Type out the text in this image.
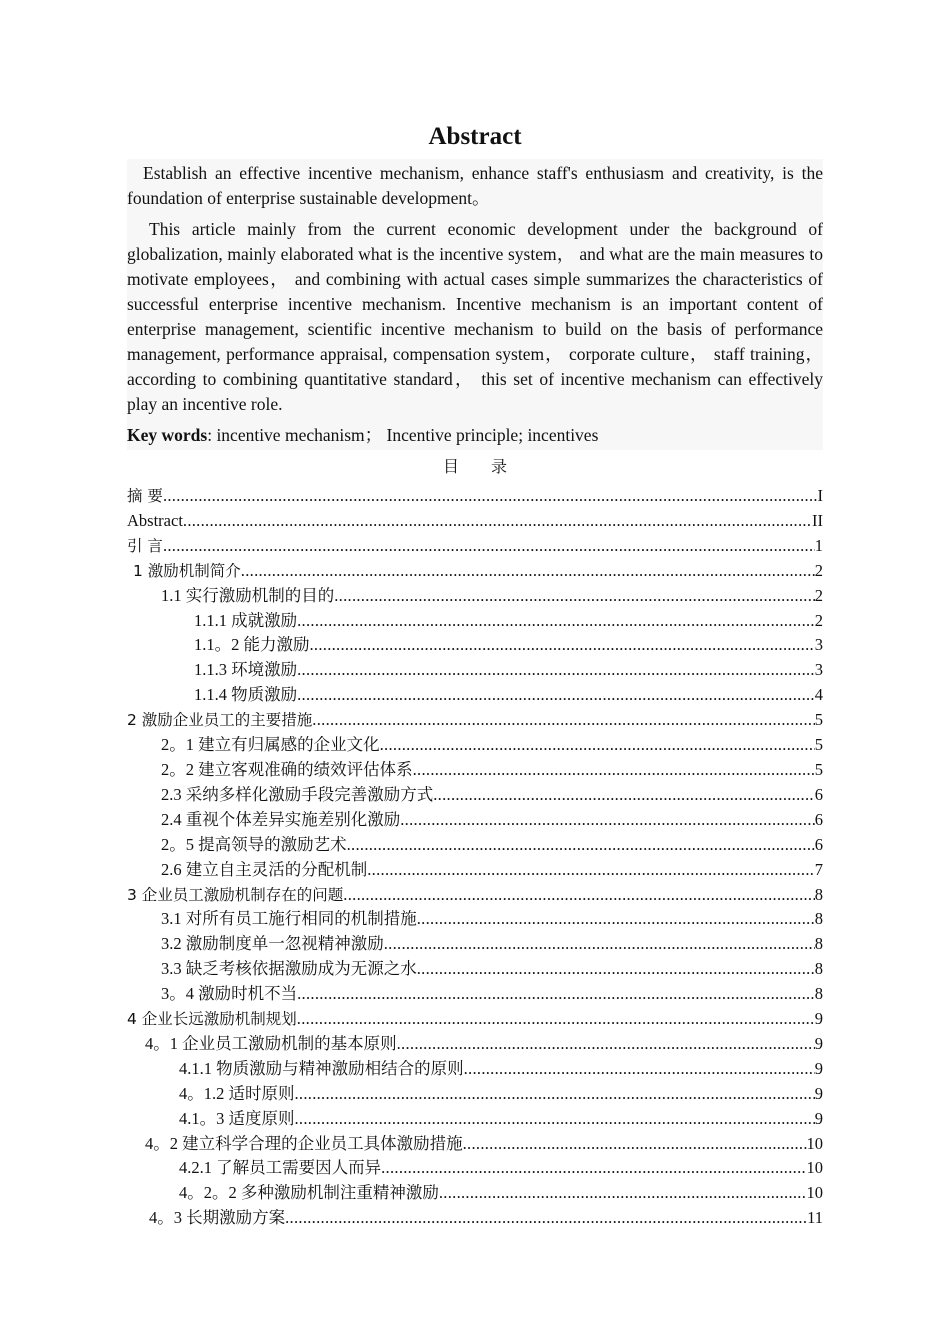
Abstract

Establish an effective incentive mechanism, enhance staff's enthusiasm and creativity, is the foundation of enterprise sustainable development。

This article mainly from the current economic development under the background of globalization, mainly elaborated what is the incentive system， and what are the main measures to motivate employees， and combining with actual cases simple summarizes the characteristics of successful enterprise incentive mechanism. Incentive mechanism is an important content of enterprise management, scientific incentive mechanism to build on the basis of performance management, performance appraisal, compensation system， corporate culture， staff training， according to combining quantitative standard， this set of incentive mechanism can effectively play an incentive role.

Key words: incentive mechanism； Incentive principle; incentives

目 录
摘 要 .....	I
Abstract .....	II
引 言 .....	1
1 激励机制简介 .....	2
1.1 实行激励机制的目的 .....	2
1.1.1 成就激励 .....	2
1.1。2 能力激励 .....	3
1.1.3 环境激励 .....	3
1.1.4 物质激励 .....	4
2 激励企业员工的主要措施 .....	5
2。1 建立有归属感的企业文化 .....	5
2。2 建立客观准确的绩效评估体系 .....	5
2.3 采纳多样化激励手段完善激励方式 .....	6
2.4 重视个体差异实施差别化激励 .....	6
2。5 提高领导的激励艺术 .....	6
2.6 建立自主灵活的分配机制 .....	7
3 企业员工激励机制存在的问题 .....	8
3.1 对所有员工施行相同的机制措施 .....	8
3.2 激励制度单一忽视精神激励 .....	8
3.3 缺乏考核依据激励成为无源之水 .....	8
3。4 激励时机不当 .....	8
4 企业长远激励机制规划 .....	9
4。1 企业员工激励机制的基本原则 .....	9
4.1.1 物质激励与精神激励相结合的原则 .....	9
4。1.2 适时原则 .....	9
4.1。3 适度原则 .....	9
4。2 建立科学合理的企业员工具体激励措施 .....	10
4.2.1 了解员工需要因人而异 .....	10
4。2。2 多种激励机制注重精神激励 .....	10
4。3 长期激励方案 .....	11
